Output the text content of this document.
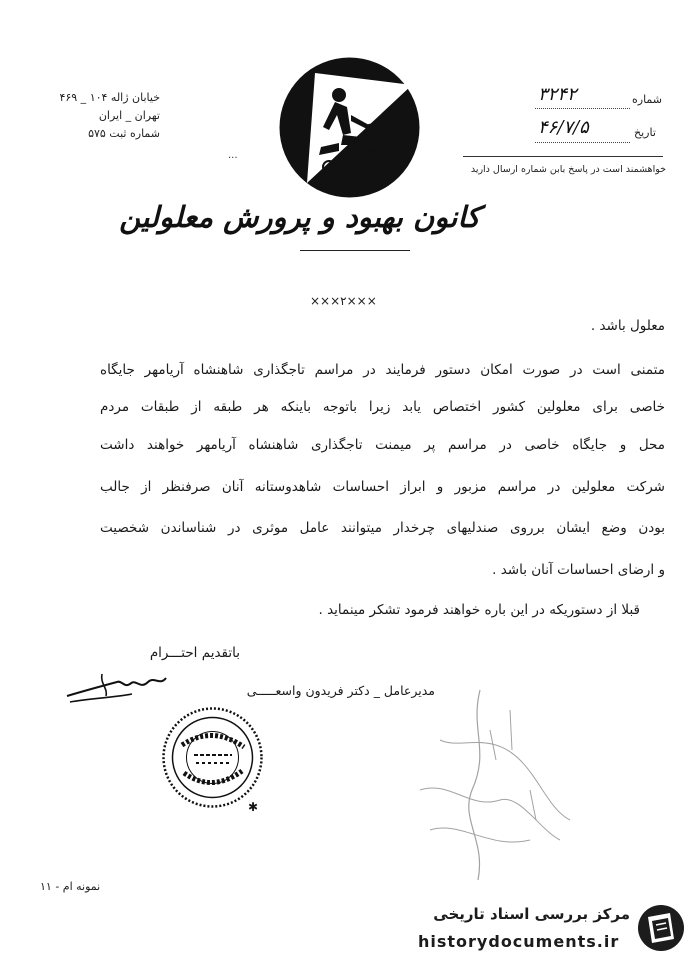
خیابان ژاله ۱۰۴ _ ۴۶۹
تهران _ ایران
شماره ثبت ۵۷۵
...
کانون بهبود و پرورش معلولین
شماره
۳۲۴۲
تاریخ
۴۶/۷/۵
خواهشمند است در پاسخ بابن شماره ارسال دارید
×××۲×××
معلول باشد .
متمنی است در صورت امکان دستور فرمایند در مراسم تاجگذاری شاهنشاه آریامهر جایگاه
خاصی برای معلولین کشور اختصاص یابد زیرا باتوجه باینکه هر طبقه از طبقات مردم
محل و جایگاه خاصی در مراسم پر میمنت تاجگذاری شاهنشاه آریامهر خواهند داشت
شرکت معلولین در مراسم مزبور و ابراز احساسات شاهدوستانه آنان صرفنظر از جالب
بودن وضع ایشان برروی صندلیهای چرخدار میتوانند عامل موثری در شناساندن شخصیت
و ارضای احساسات آنان باشد .
قبلا از دستوریکه در این باره خواهند فرمود تشکر مینماید .
باتقدیم احتـــرام
مدیرعامل _ دکتر فریدون واسعـــــی
✱
نمونه ام - ۱۱
مرکز بررسی اسناد تاریخی
historydocuments.ir
